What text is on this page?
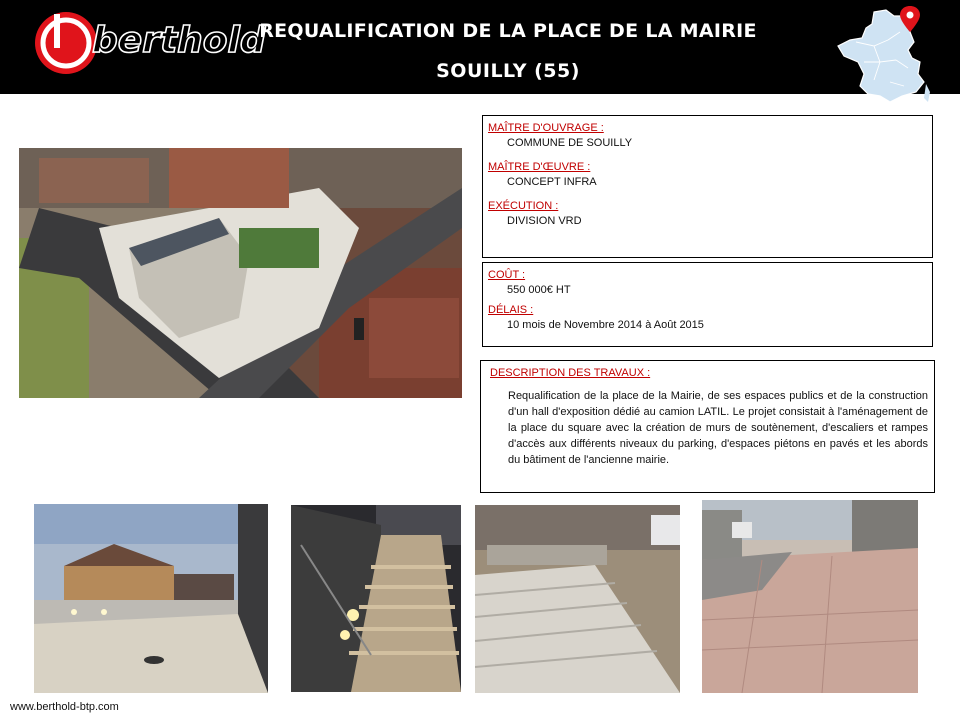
berthold
REQUALIFICATION DE LA PLACE DE LA MAIRIE
SOUILLY (55)
MAÎTRE D'OUVRAGE :
COMMUNE DE SOUILLY
MAÎTRE D'ŒUVRE :
CONCEPT INFRA
EXÉCUTION :
DIVISION VRD
COÛT :
550 000€ HT
DÉLAIS :
10 mois de Novembre 2014 à Août 2015
DESCRIPTION DES TRAVAUX :
Requalification de la place de la Mairie, de ses espaces publics et de la construction d'un hall d'exposition dédié au camion LATIL. Le projet consistait à l'aménagement de la place du square avec la création de murs de soutènement, d'escaliers et rampes d'accès aux différents niveaux du parking, d'espaces piétons en pavés et les abords du bâtiment de l'ancienne mairie.
www.berthold-btp.com
